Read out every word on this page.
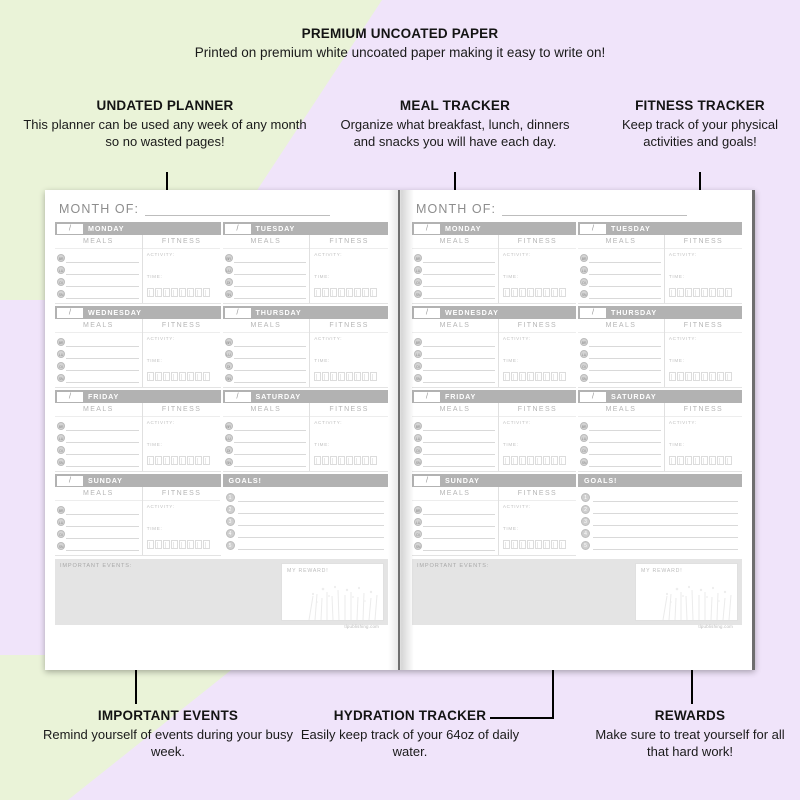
PREMIUM UNCOATED PAPER
Printed on premium white uncoated paper making it easy to write on!
UNDATED PLANNER
This planner can be used any week of any month so no wasted pages!
MEAL TRACKER
Organize what breakfast, lunch, dinners and snacks you will have each day.
FITNESS TRACKER
Keep track of your physical activities and goals!
IMPORTANT EVENTS
Remind yourself of events during your busy week.
HYDRATION TRACKER
Easily keep track of your 64oz of daily water.
REWARDS
Make sure to treat yourself for all that hard work!
MONTH OF:
/ MONDAY
MEALS
BR
LU
DI
SN
FITNESS
ACTIVITY:
TIME:
/ TUESDAY
MEALS
BR
LU
DI
SN
FITNESS
ACTIVITY:
TIME:
/ WEDNESDAY
MEALS
BR
LU
DI
SN
FITNESS
ACTIVITY:
TIME:
/ THURSDAY
MEALS
BR
LU
DI
SN
FITNESS
ACTIVITY:
TIME:
/ FRIDAY
MEALS
BR
LU
DI
SN
FITNESS
ACTIVITY:
TIME:
/ SATURDAY
MEALS
BR
LU
DI
SN
FITNESS
ACTIVITY:
TIME:
/ SUNDAY
MEALS
BR
LU
DI
SN
FITNESS
ACTIVITY:
TIME:
GOALS!
1
2
3
4
5
IMPORTANT EVENTS:
MY REWARD!
tlpublishing.com
MONTH OF:
/ MONDAY
MEALS
BR
LU
DI
SN
FITNESS
ACTIVITY:
TIME:
/ TUESDAY
MEALS
BR
LU
DI
SN
FITNESS
ACTIVITY:
TIME:
/ WEDNESDAY
MEALS
BR
LU
DI
SN
FITNESS
ACTIVITY:
TIME:
/ THURSDAY
MEALS
BR
LU
DI
SN
FITNESS
ACTIVITY:
TIME:
/ FRIDAY
MEALS
BR
LU
DI
SN
FITNESS
ACTIVITY:
TIME:
/ SATURDAY
MEALS
BR
LU
DI
SN
FITNESS
ACTIVITY:
TIME:
/ SUNDAY
MEALS
BR
LU
DI
SN
FITNESS
ACTIVITY:
TIME:
GOALS!
1
2
3
4
5
IMPORTANT EVENTS:
MY REWARD!
tlpublishing.com
